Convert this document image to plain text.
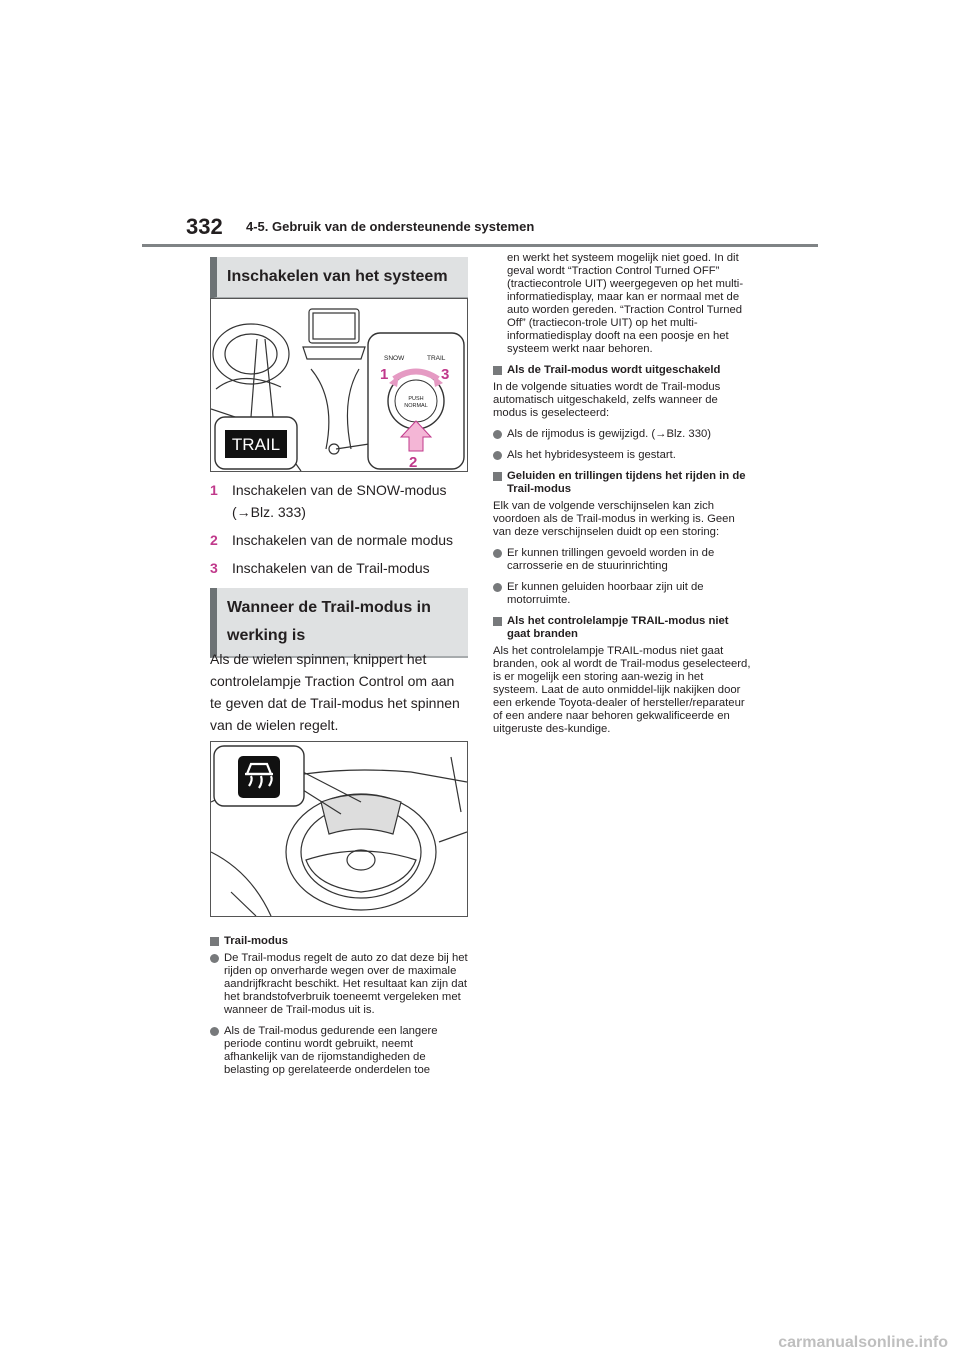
332 4-5. Gebruik van de ondersteunende systemen
Inschakelen van het systeem
TRAIL
SNOW	TRAIL
PUSH
NORMAL
1	3
2
1	Inschakelen van de SNOW-modus (→Blz. 333)
2	Inschakelen van de normale modus
3	Inschakelen van de Trail-modus
Wanneer de Trail-modus in werking is
Als de wielen spinnen, knippert het controlelampje Traction Control om aan te geven dat de Trail-modus het spinnen van de wielen regelt.
Trail-modus
De Trail-modus regelt de auto zo dat deze bij het rijden op onverharde wegen over de maximale aandrijfkracht beschikt. Het resultaat kan zijn dat het brandstofverbruik toeneemt vergeleken met wanneer de Trail-modus uit is.
Als de Trail-modus gedurende een langere periode continu wordt gebruikt, neemt afhankelijk van de rijomstandigheden de belasting op gerelateerde onderdelen toe
en werkt het systeem mogelijk niet goed. In dit geval wordt “Traction Control Turned OFF” (tractiecontrole UIT) weergegeven op het multi-informatiedisplay, maar kan er normaal met de auto worden gereden. “Traction Control Turned Off” (tractiecon-trole UIT) op het multi-informatiedisplay dooft na een poosje en het systeem werkt naar behoren.
Als de Trail-modus wordt uitgeschakeld
In de volgende situaties wordt de Trail-modus automatisch uitgeschakeld, zelfs wanneer de modus is geselecteerd:
Als de rijmodus is gewijzigd. (→Blz. 330)
Als het hybridesysteem is gestart.
Geluiden en trillingen tijdens het rijden in de Trail-modus
Elk van de volgende verschijnselen kan zich voordoen als de Trail-modus in werking is. Geen van deze verschijnselen duidt op een storing:
Er kunnen trillingen gevoeld worden in de carrosserie en de stuurinrichting
Er kunnen geluiden hoorbaar zijn uit de motorruimte.
Als het controlelampje TRAIL-modus niet gaat branden
Als het controlelampje TRAIL-modus niet gaat branden, ook al wordt de Trail-modus geselecteerd, is er mogelijk een storing aan-wezig in het systeem. Laat de auto onmiddel-lijk nakijken door een erkende Toyota-dealer of hersteller/reparateur of een andere naar behoren gekwalificeerde en uitgeruste des-kundige.
carmanualsonline.info
